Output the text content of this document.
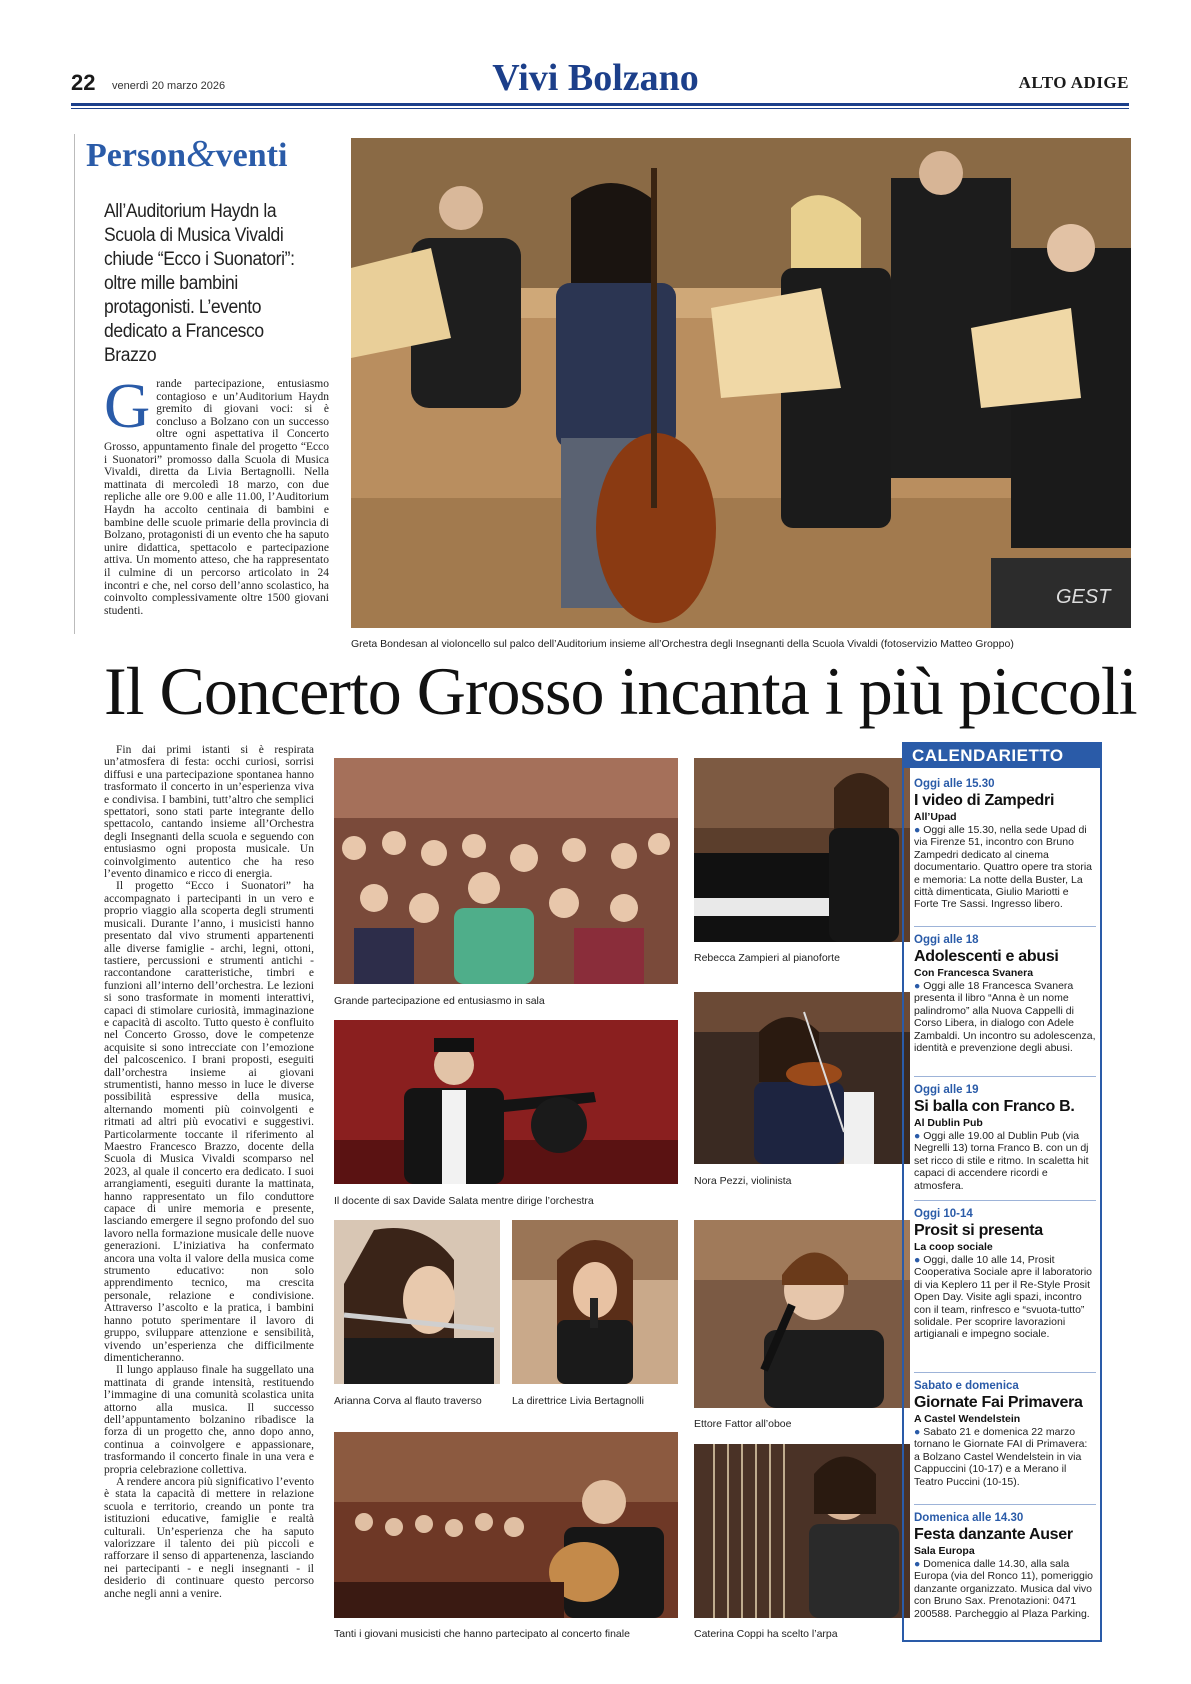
22 venerdì 20 marzo 2026	Vivi Bolzano	ALTO ADIGE
Person&venti
All’Auditorium Haydn la Scuola di Musica Vivaldi chiude “Ecco i Suonatori”: oltre mille bambini protagonisti. L’evento dedicato a Francesco Brazzo
Grande partecipazione, entusiasmo contagioso e un’Auditorium Haydn gremito di giovani voci: si è concluso a Bolzano con un successo oltre ogni aspettativa il Concerto Grosso, appuntamento finale del progetto “Ecco i Suonatori” promosso dalla Scuola di Musica Vivaldi, diretta da Livia Bertagnolli. Nella mattinata di mercoledì 18 marzo, con due repliche alle ore 9.00 e alle 11.00, l’Auditorium Haydn ha accolto centinaia di bambini e bambine delle scuole primarie della provincia di Bolzano, protagonisti di un evento che ha saputo unire didattica, spettacolo e partecipazione attiva. Un momento atteso, che ha rappresentato il culmine di un percorso articolato in 24 incontri e che, nel corso dell’anno scolastico, ha coinvolto complessivamente oltre 1500 giovani studenti.
GEST
Greta Bondesan al violoncello sul palco dell’Auditorium insieme all’Orchestra degli Insegnanti della Scuola Vivaldi (fotoservizio Matteo Groppo)
Il Concerto Grosso incanta i più piccoli

Fin dai primi istanti si è respirata un’atmosfera di festa: occhi curiosi, sorrisi diffusi e una partecipazione spontanea hanno trasformato il concerto in un’esperienza viva e condivisa. I bambini, tutt’altro che semplici spettatori, sono stati parte integrante dello spettacolo, cantando insieme all’Orchestra degli Insegnanti della scuola e seguendo con entusiasmo ogni proposta musicale. Un coinvolgimento autentico che ha reso l’evento dinamico e ricco di energia.

Il progetto “Ecco i Suonatori” ha accompagnato i partecipanti in un vero e proprio viaggio alla scoperta degli strumenti musicali. Durante l’anno, i musicisti hanno presentato dal vivo strumenti appartenenti alle diverse famiglie - archi, legni, ottoni, tastiere, percussioni e strumenti antichi - raccontandone caratteristiche, timbri e funzioni all’interno dell’orchestra. Le lezioni si sono trasformate in momenti interattivi, capaci di stimolare curiosità, immaginazione e capacità di ascolto. Tutto questo è confluito nel Concerto Grosso, dove le competenze acquisite si sono intrecciate con l’emozione del palcoscenico. I brani proposti, eseguiti dall’orchestra insieme ai giovani strumentisti, hanno messo in luce le diverse possibilità espressive della musica, alternando momenti più coinvolgenti e ritmati ad altri più evocativi e suggestivi. Particolarmente toccante il riferimento al Maestro Francesco Brazzo, docente della Scuola di Musica Vivaldi scomparso nel 2023, al quale il concerto era dedicato. I suoi arrangiamenti, eseguiti durante la mattinata, hanno rappresentato un filo conduttore capace di unire memoria e presente, lasciando emergere il segno profondo del suo lavoro nella formazione musicale delle nuove generazioni. L’iniziativa ha confermato ancora una volta il valore della musica come strumento educativo: non solo apprendimento tecnico, ma crescita personale, relazione e condivisione. Attraverso l’ascolto e la pratica, i bambini hanno potuto sperimentare il lavoro di gruppo, sviluppare attenzione e sensibilità, vivendo un’esperienza che difficilmente dimenticheranno.

Il lungo applauso finale ha suggellato una mattinata di grande intensità, restituendo l’immagine di una comunità scolastica unita attorno alla musica. Il successo dell’appuntamento bolzanino ribadisce la forza di un progetto che, anno dopo anno, continua a coinvolgere e appassionare, trasformando il concerto finale in una vera e propria celebrazione collettiva.

A rendere ancora più significativo l’evento è stata la capacità di mettere in relazione scuola e territorio, creando un ponte tra istituzioni educative, famiglie e realtà culturali. Un’esperienza che ha saputo valorizzare il talento dei più piccoli e rafforzare il senso di appartenenza, lasciando nei partecipanti - e negli insegnanti - il desiderio di continuare questo percorso anche negli anni a venire.

Grande partecipazione ed entusiasmo in sala
Rebecca Zampieri al pianoforte
Il docente di sax Davide Salata mentre dirige l’orchestra
Nora Pezzi, violinista
Arianna Corva al flauto traverso	La direttrice Livia Bertagnolli
Ettore Fattor all’oboe
Tanti i giovani musicisti che hanno partecipato al concerto finale	Caterina Coppi ha scelto l’arpa
CALENDARIETTO
Oggi alle 15.30
I video di Zampedri
All’Upad
● Oggi alle 15.30, nella sede Upad di via Firenze 51, incontro con Bruno Zampedri dedicato al cinema documentario. Quattro opere tra storia e memoria: La notte della Buster, La città dimenticata, Giulio Mariotti e Forte Tre Sassi. Ingresso libero.
Oggi alle 18
Adolescenti e abusi
Con Francesca Svanera
● Oggi alle 18 Francesca Svanera presenta il libro “Anna è un nome palindromo” alla Nuova Cappelli di Corso Libera, in dialogo con Adele Zambaldi. Un incontro su adolescenza, identità e prevenzione degli abusi.
Oggi alle 19
Si balla con Franco B.
Al Dublin Pub
● Oggi alle 19.00 al Dublin Pub (via Negrelli 13) torna Franco B. con un dj set ricco di stile e ritmo. In scaletta hit capaci di accendere ricordi e atmosfera.
Oggi 10-14
Prosit si presenta
La coop sociale
● Oggi, dalle 10 alle 14, Prosit Cooperativa Sociale apre il laboratorio di via Keplero 11 per il Re-Style Prosit Open Day. Visite agli spazi, incontro con il team, rinfresco e “svuota-tutto” solidale. Per scoprire lavorazioni artigianali e impegno sociale.
Sabato e domenica
Giornate Fai Primavera
A Castel Wendelstein
● Sabato 21 e domenica 22 marzo tornano le Giornate FAI di Primavera: a Bolzano Castel Wendelstein in via Cappuccini (10-17) e a Merano il Teatro Puccini (10-15).
Domenica alle 14.30
Festa danzante Auser
Sala Europa
● Domenica dalle 14.30, alla sala Europa (via del Ronco 11), pomeriggio danzante organizzato. Musica dal vivo con Bruno Sax. Prenotazioni: 0471 200588. Parcheggio al Plaza Parking.
